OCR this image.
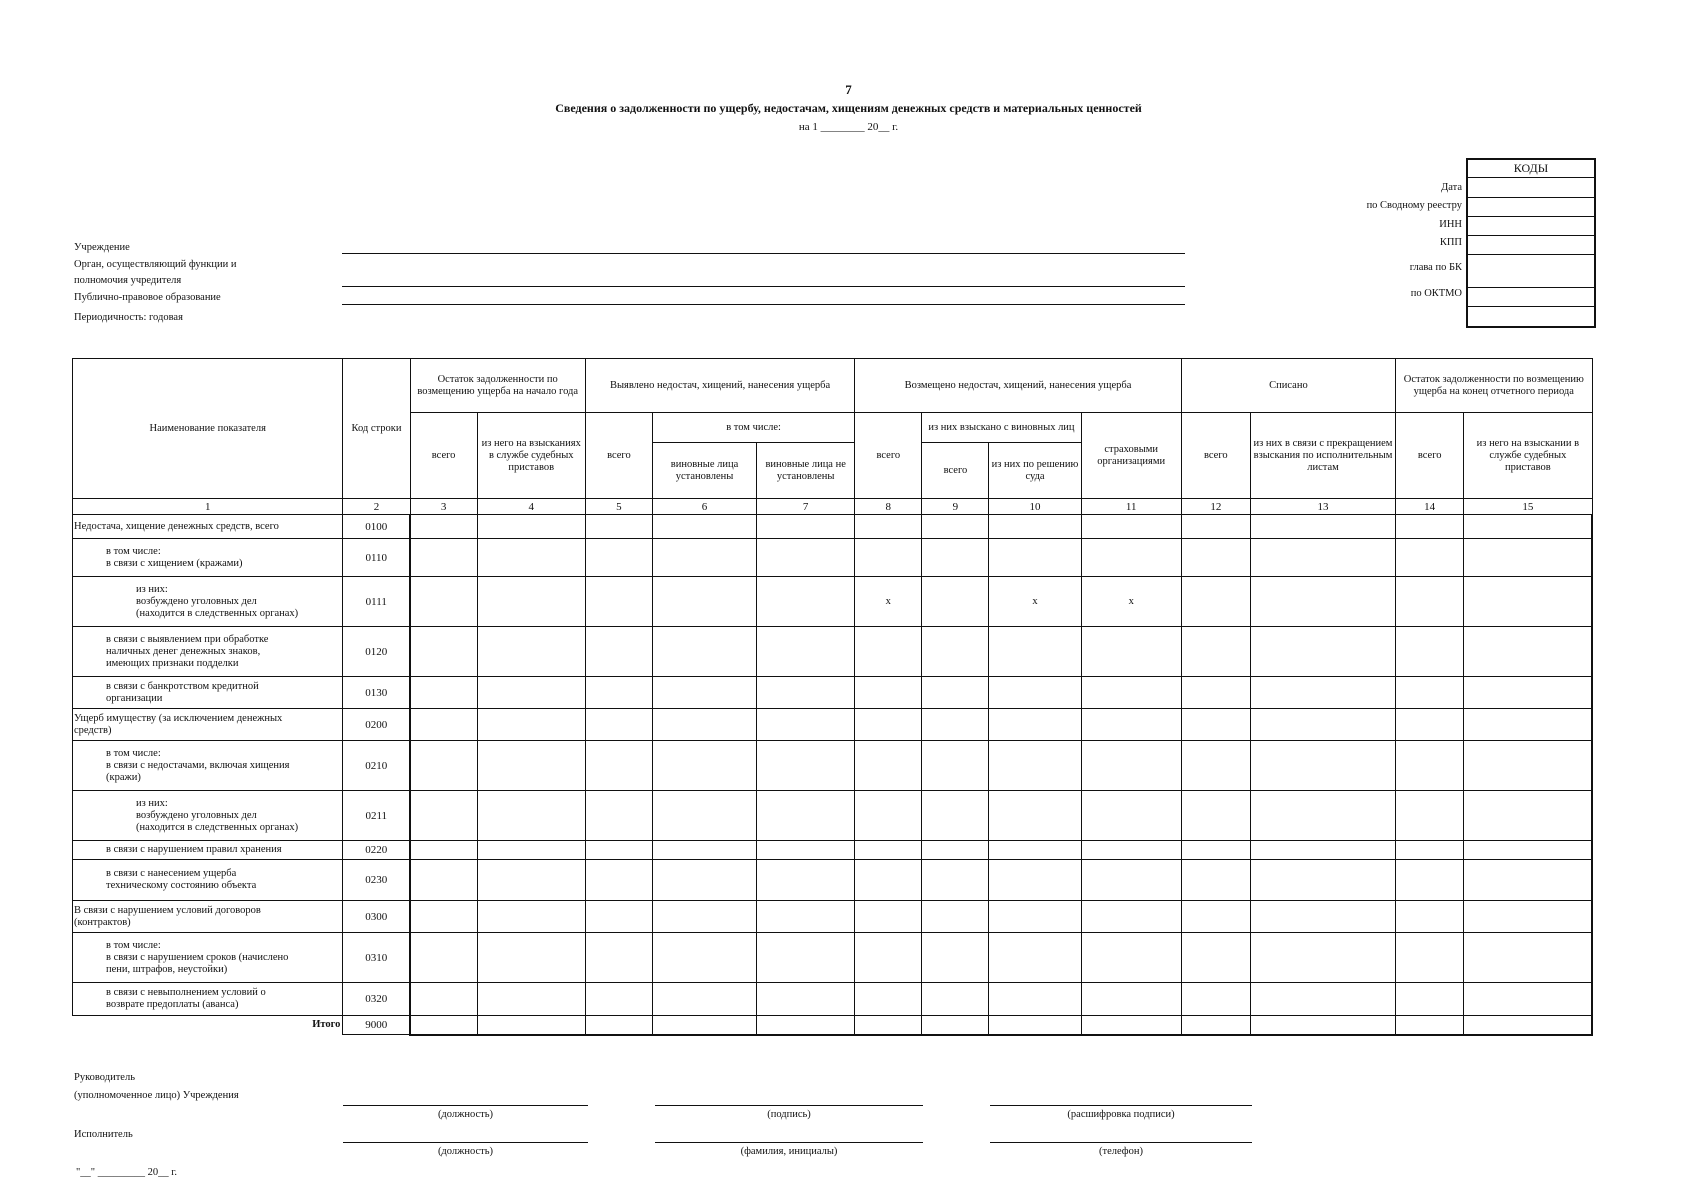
7
Сведения о задолженности по ущербу, недостачам, хищениям денежных средств и материальных ценностей
на 1 ________ 20__ г.
КОДЫ
Дата
по Сводному реестру
ИНН
КПП
глава по БК
по ОКТМО
Учреждение
Орган, осуществляющий функции и
полномочия учредителя
Публично-правовое образование
Периодичность: годовая
Наименование показателя	Код строки	Остаток задолженности по возмещению ущерба на начало года		Выявлено недостач, хищений, нанесения ущерба			Возмещено недостач, хищений, нанесения ущерба				Списано		Остаток задолженности по возмещению ущерба на конец отчетного периода	
		всего	из него на взысканиях в службе судебных приставов	всего	в том числе:		всего	из них взыскано с виновных лиц		страховыми организациями	всего	из них в связи с прекращением взыскания по исполнительным листам	всего	из него на взыскании в службе судебных приставов
					виновные лица установлены	виновные лица не установлены		всего	из них по решению суда					
1	2	3	4	5	6	7	8	9	10	11	12	13	14	15

Недостача, хищение денежных средств, всего	0100													

в том числе:
в связи с хищением (кражами)	0110													

из них:
возбуждено уголовных дел
(находится в следственных органах)	0111						x		x	x				

в связи с выявлением при обработке
наличных денег денежных знаков,
имеющих признаки подделки	0120													

в связи с банкротством кредитной
организации	0130													

Ущерб имуществу (за исключением денежных
средств)	0200													

в том числе:
в связи с недостачами, включая хищения
(кражи)	0210													

из них:
возбуждено уголовных дел
(находится в следственных органах)	0211													

в связи с нарушением правил хранения	0220													

в связи с нанесением ущерба
техническому состоянию объекта	0230													

В связи с нарушением условий договоров
(контрактов)	0300													

в том числе:
в связи с нарушением сроков (начислено
пени, штрафов, неустойки)	0310													

в связи с невыполнением условий о
возврате предоплаты (аванса)	0320													
Итого	9000													
Руководитель
(уполномоченное лицо) Учреждения
(должность)	(подпись)	(расшифровка подписи)
Исполнитель
(должность)	(фамилия, инициалы)	(телефон)
"__" _________ 20__ г.
